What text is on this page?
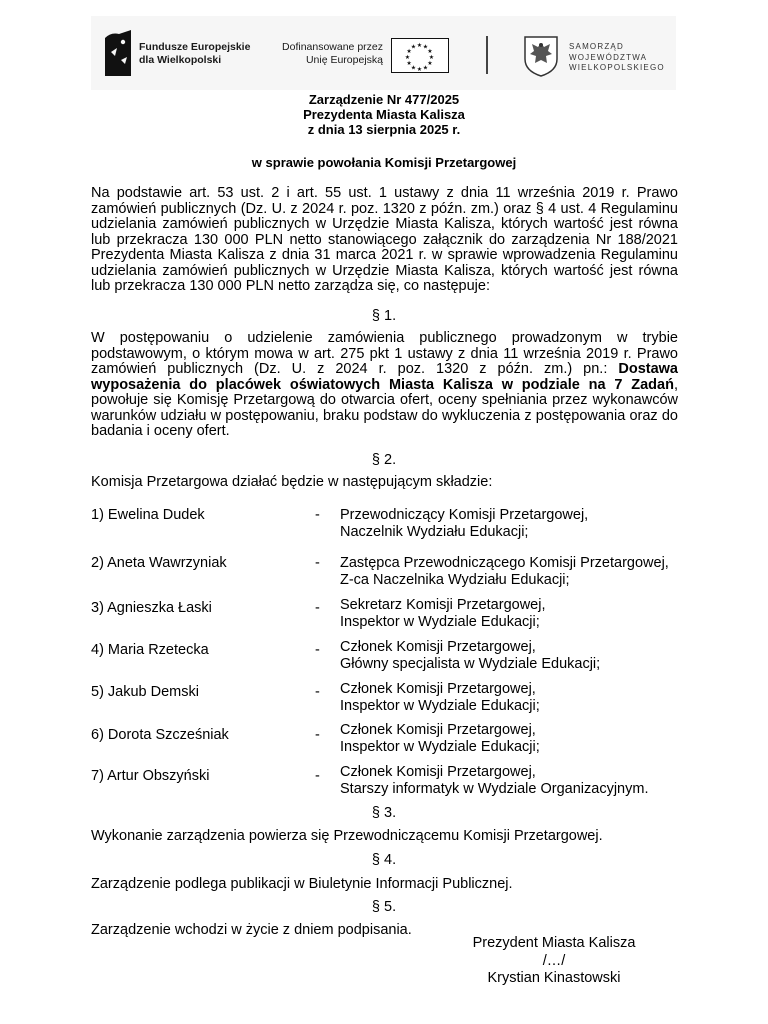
Fundusze Europejskie
dla Wielkopolski
Dofinansowane przez
Unię Europejską
★ ★
★
★
★
★
★
★
★
★
★
★	SAMORZĄD
WOJEWÓDZTWA
WIELKOPOLSKIEGO
Zarządzenie Nr 477/2025
Prezydenta Miasta Kalisza
z dnia 13 sierpnia 2025 r.
w sprawie powołania Komisji Przetargowej
Na podstawie art. 53 ust. 2 i art. 55 ust. 1 ustawy z dnia 11 września 2019 r. Prawo zamówień publicznych (Dz. U. z 2024 r. poz. 1320 z późn. zm.) oraz § 4 ust. 4 Regulaminu udzielania zamówień publicznych w Urzędzie Miasta Kalisza, których wartość jest równa lub przekracza 130 000 PLN netto stanowiącego załącznik do zarządzenia Nr 188/2021 Prezydenta Miasta Kalisza z dnia 31 marca 2021 r. w sprawie wprowadzenia Regulaminu udzielania zamówień publicznych w Urzędzie Miasta Kalisza, których wartość jest równa lub przekracza 130 000 PLN netto zarządza się, co następuje:
§ 1.
W postępowaniu o udzielenie zamówienia publicznego prowadzonym w trybie podstawowym, o którym mowa w art. 275 pkt 1 ustawy z dnia 11 września 2019 r. Prawo zamówień publicznych (Dz. U. z 2024 r. poz. 1320 z późn. zm.) pn.: Dostawa wyposażenia do placówek oświatowych Miasta Kalisza w podziale na 7 Zadań, powołuje się Komisję Przetargową do otwarcia ofert, oceny spełniania przez wykonawców warunków udziału w postępowaniu, braku podstaw do wykluczenia z postępowania oraz do badania i oceny ofert.
§ 2.
Komisja Przetargowa działać będzie w następującym składzie:
1) Ewelina Dudek	- Przewodniczący Komisji Przetargowej,
Naczelnik Wydziału Edukacji;
2) Aneta Wawrzyniak	- Zastępca Przewodniczącego Komisji Przetargowej,
Z-ca Naczelnika Wydziału Edukacji;
3) Agnieszka Łaski	- Sekretarz Komisji Przetargowej,
Inspektor w Wydziale Edukacji;
4) Maria Rzetecka	- Członek Komisji Przetargowej,
Główny specjalista w Wydziale Edukacji;
5) Jakub Demski	- Członek Komisji Przetargowej,
Inspektor w Wydziale Edukacji;
6) Dorota Szcześniak	- Członek Komisji Przetargowej,
Inspektor w Wydziale Edukacji;
7) Artur Obszyński	- Członek Komisji Przetargowej,
Starszy informatyk w Wydziale Organizacyjnym.
§ 3.
Wykonanie zarządzenia powierza się Przewodniczącemu Komisji Przetargowej.
§ 4.
Zarządzenie podlega publikacji w Biuletynie Informacji Publicznej.
§ 5.
Zarządzenie wchodzi w życie z dniem podpisania.
Prezydent Miasta Kalisza
/…/
Krystian Kinastowski
